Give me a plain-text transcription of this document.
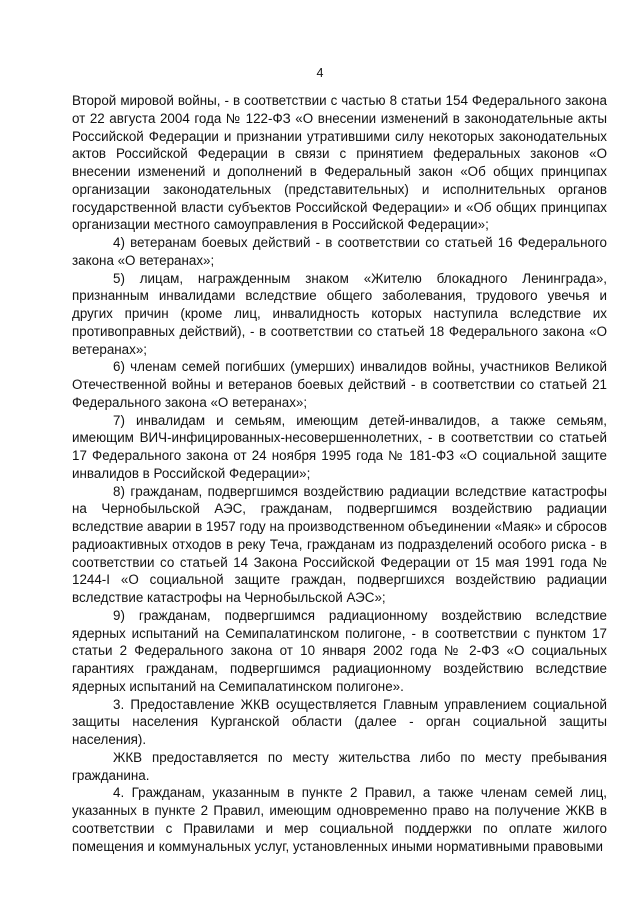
4

Второй мировой войны, - в соответствии с частью 8 статьи 154 Федерального закона от 22 августа 2004 года № 122-ФЗ «О внесении изменений в законодательные акты Российской Федерации и признании утратившими силу некоторых законодательных актов Российской Федерации в связи с принятием федеральных законов «О внесении изменений и дополнений в Федеральный закон «Об общих принципах организации законодательных (представительных) и исполнительных органов государственной власти субъектов Российской Федерации» и «Об общих принципах организации местного самоуправления в Российской Федерации»;

4) ветеранам боевых действий - в соответствии со статьей 16 Федерального закона «О ветеранах»;

5) лицам, награжденным знаком «Жителю блокадного Ленинграда», признанным инвалидами вследствие общего заболевания, трудового увечья и других причин (кроме лиц, инвалидность которых наступила вследствие их противоправных действий), - в соответствии со статьей 18 Федерального закона «О ветеранах»;

6) членам семей погибших (умерших) инвалидов войны, участников Великой Отечественной войны и ветеранов боевых действий - в соответствии со статьей 21 Федерального закона «О ветеранах»;

7) инвалидам и семьям, имеющим детей-инвалидов, а также семьям, имеющим ВИЧ-инфицированных-несовершеннолетних, - в соответствии со статьей 17 Федерального закона от 24 ноября 1995 года № 181-ФЗ «О социальной защите инвалидов в Российской Федерации»;

8) гражданам, подвергшимся воздействию радиации вследствие катастрофы на Чернобыльской АЭС, гражданам, подвергшимся воздействию радиации вследствие аварии в 1957 году на производственном объединении «Маяк» и сбросов радиоактивных отходов в реку Теча, гражданам из подразделений особого риска - в соответствии со статьей 14 Закона Российской Федерации от 15 мая 1991 года № 1244-I «О социальной защите граждан, подвергшихся воздействию радиации вследствие катастрофы на Чернобыльской АЭС»;

9) гражданам, подвергшимся радиационному воздействию вследствие ядерных испытаний на Семипалатинском полигоне, - в соответствии с пунктом 17 статьи 2 Федерального закона от 10 января 2002 года № 2-ФЗ «О социальных гарантиях гражданам, подвергшимся радиационному воздействию вследствие ядерных испытаний на Семипалатинском полигоне».

3. Предоставление ЖКВ осуществляется Главным управлением социальной защиты населения Курганской области (далее - орган социальной защиты населения).

ЖКВ предоставляется по месту жительства либо по месту пребывания гражданина.

4. Гражданам, указанным в пункте 2 Правил, а также членам семей лиц, указанных в пункте 2 Правил, имеющим одновременно право на получение ЖКВ в соответствии с Правилами и мер социальной поддержки по оплате жилого помещения и коммунальных услуг, установленных иными нормативными правовыми
